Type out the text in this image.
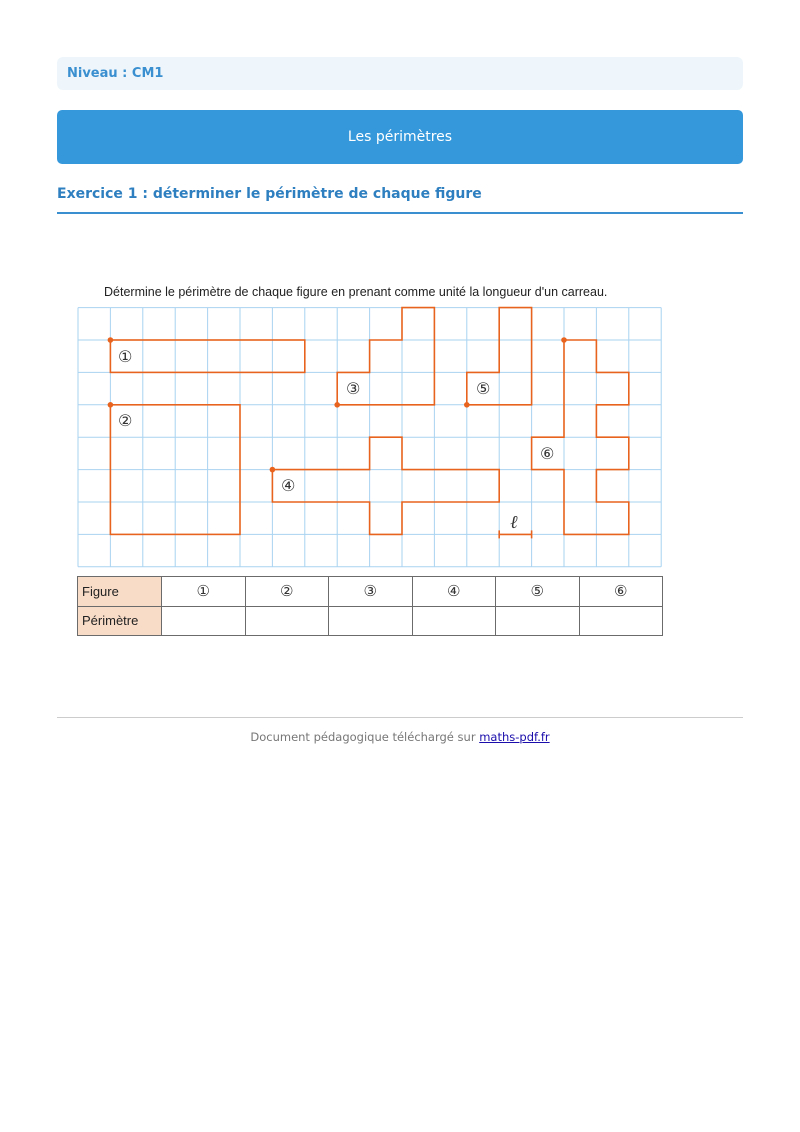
Niveau : CM1
Les périmètres
Exercice 1 : déterminer le périmètre de chaque figure
Détermine le périmètre de chaque figure en prenant comme unité la longueur d'un carreau.
①
②
③
④
⑤
⑥
ℓ
Figure	①	②	③	④	⑤	⑥
Périmètre						
Document pédagogique téléchargé sur maths-pdf.fr
